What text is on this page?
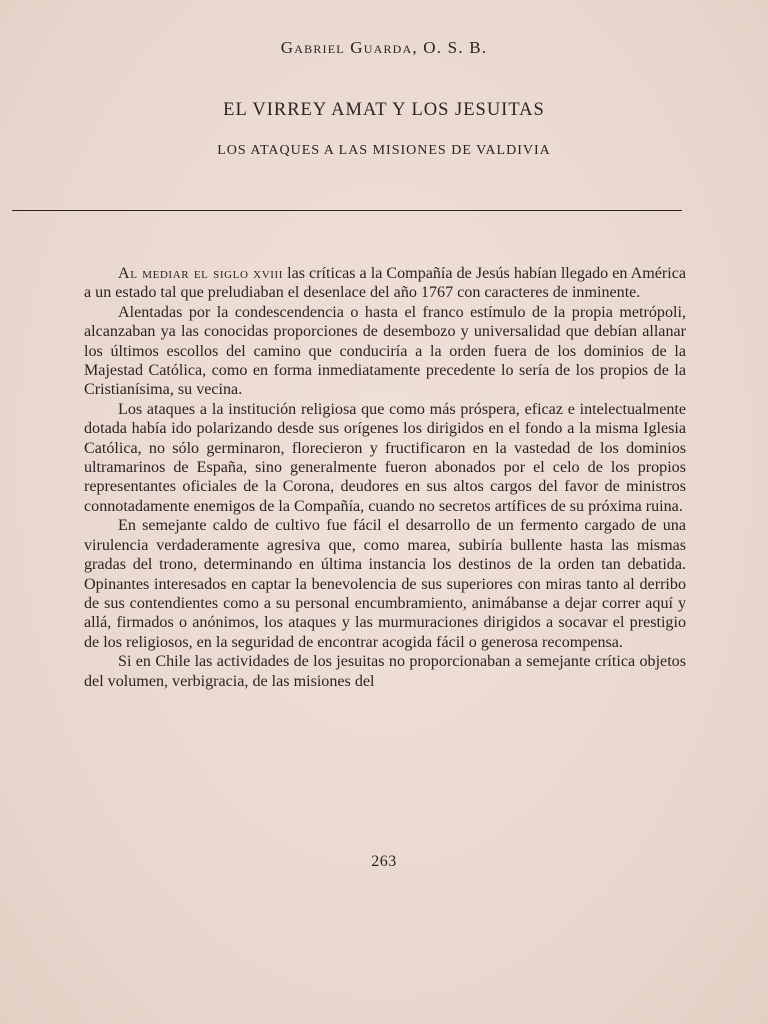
Gabriel Guarda, O. S. B.
EL VIRREY AMAT Y LOS JESUITAS
LOS ATAQUES A LAS MISIONES DE VALDIVIA

Al mediar el siglo xviii las críticas a la Compañía de Jesús habían llegado en América a un estado tal que preludiaban el desenlace del año 1767 con caracteres de inminente.

Alentadas por la condescendencia o hasta el franco estímulo de la propia metrópoli, alcanzaban ya las conocidas proporciones de desembozo y universalidad que debían allanar los últimos escollos del camino que conduciría a la orden fuera de los dominios de la Majestad Católica, como en forma inmediatamente precedente lo sería de los propios de la Cristianísima, su vecina.

Los ataques a la institución religiosa que como más próspera, eficaz e intelectualmente dotada había ido polarizando desde sus orígenes los dirigidos en el fondo a la misma Iglesia Católica, no sólo germinaron, florecieron y fructificaron en la vastedad de los dominios ultramarinos de España, sino generalmente fueron abonados por el celo de los propios representantes oficiales de la Corona, deudores en sus altos cargos del favor de ministros connotadamente enemigos de la Compañía, cuando no secretos artífices de su próxima ruina.

En semejante caldo de cultivo fue fácil el desarrollo de un fermento cargado de una virulencia verdaderamente agresiva que, como marea, subiría bullente hasta las mismas gradas del trono, determinando en última instancia los destinos de la orden tan debatida. Opinantes interesados en captar la benevolencia de sus superiores con miras tanto al derribo de sus contendientes como a su personal encumbramiento, animábanse a dejar correr aquí y allá, firmados o anónimos, los ataques y las murmuraciones dirigidos a socavar el prestigio de los religiosos, en la seguridad de encontrar acogida fácil o generosa recompensa.

Si en Chile las actividades de los jesuitas no proporcionaban a semejante crítica objetos del volumen, verbigracia, de las misiones del

263
